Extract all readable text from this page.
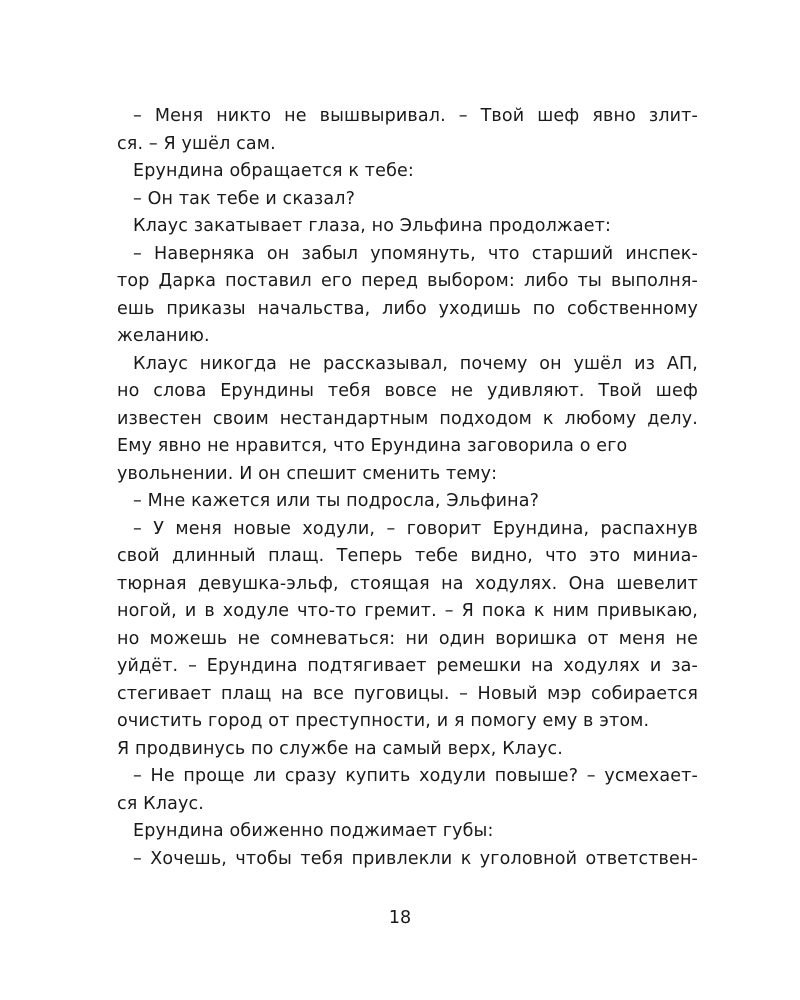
– Меня никто не вышвыривал. – Твой шеф явно злит-
ся. – Я ушёл сам.
Ерундина обращается к тебе:
– Он так тебе и сказал?
Клаус закатывает глаза, но Эльфина продолжает:
– Наверняка он забыл упомянуть, что старший инспек-
тор Дарка поставил его перед выбором: либо ты выполня-
ешь приказы начальства, либо уходишь по собственному
желанию.
Клаус никогда не рассказывал, почему он ушёл из АП,
но слова Ерундины тебя вовсе не удивляют. Твой шеф
известен своим нестандартным подходом к любому делу.
Ему явно не нравится, что Ерундина заговорила о его
увольнении. И он спешит сменить тему:
– Мне кажется или ты подросла, Эльфина?
– У меня новые ходули, – говорит Ерундина, распахнув
свой длинный плащ. Теперь тебе видно, что это миниа-
тюрная девушка-эльф, стоящая на ходулях. Она шевелит
ногой, и в ходуле что-то гремит. – Я пока к ним привыкаю,
но можешь не сомневаться: ни один воришка от меня не
уйдёт. – Ерундина подтягивает ремешки на ходулях и за-
стегивает плащ на все пуговицы. – Новый мэр собирается
очистить город от преступности, и я помогу ему в этом.
Я продвинусь по службе на самый верх, Клаус.
– Не проще ли сразу купить ходули повыше? – усмехает-
ся Клаус.
Ерундина обиженно поджимает губы:
– Хочешь, чтобы тебя привлекли к уголовной ответствен-
18
